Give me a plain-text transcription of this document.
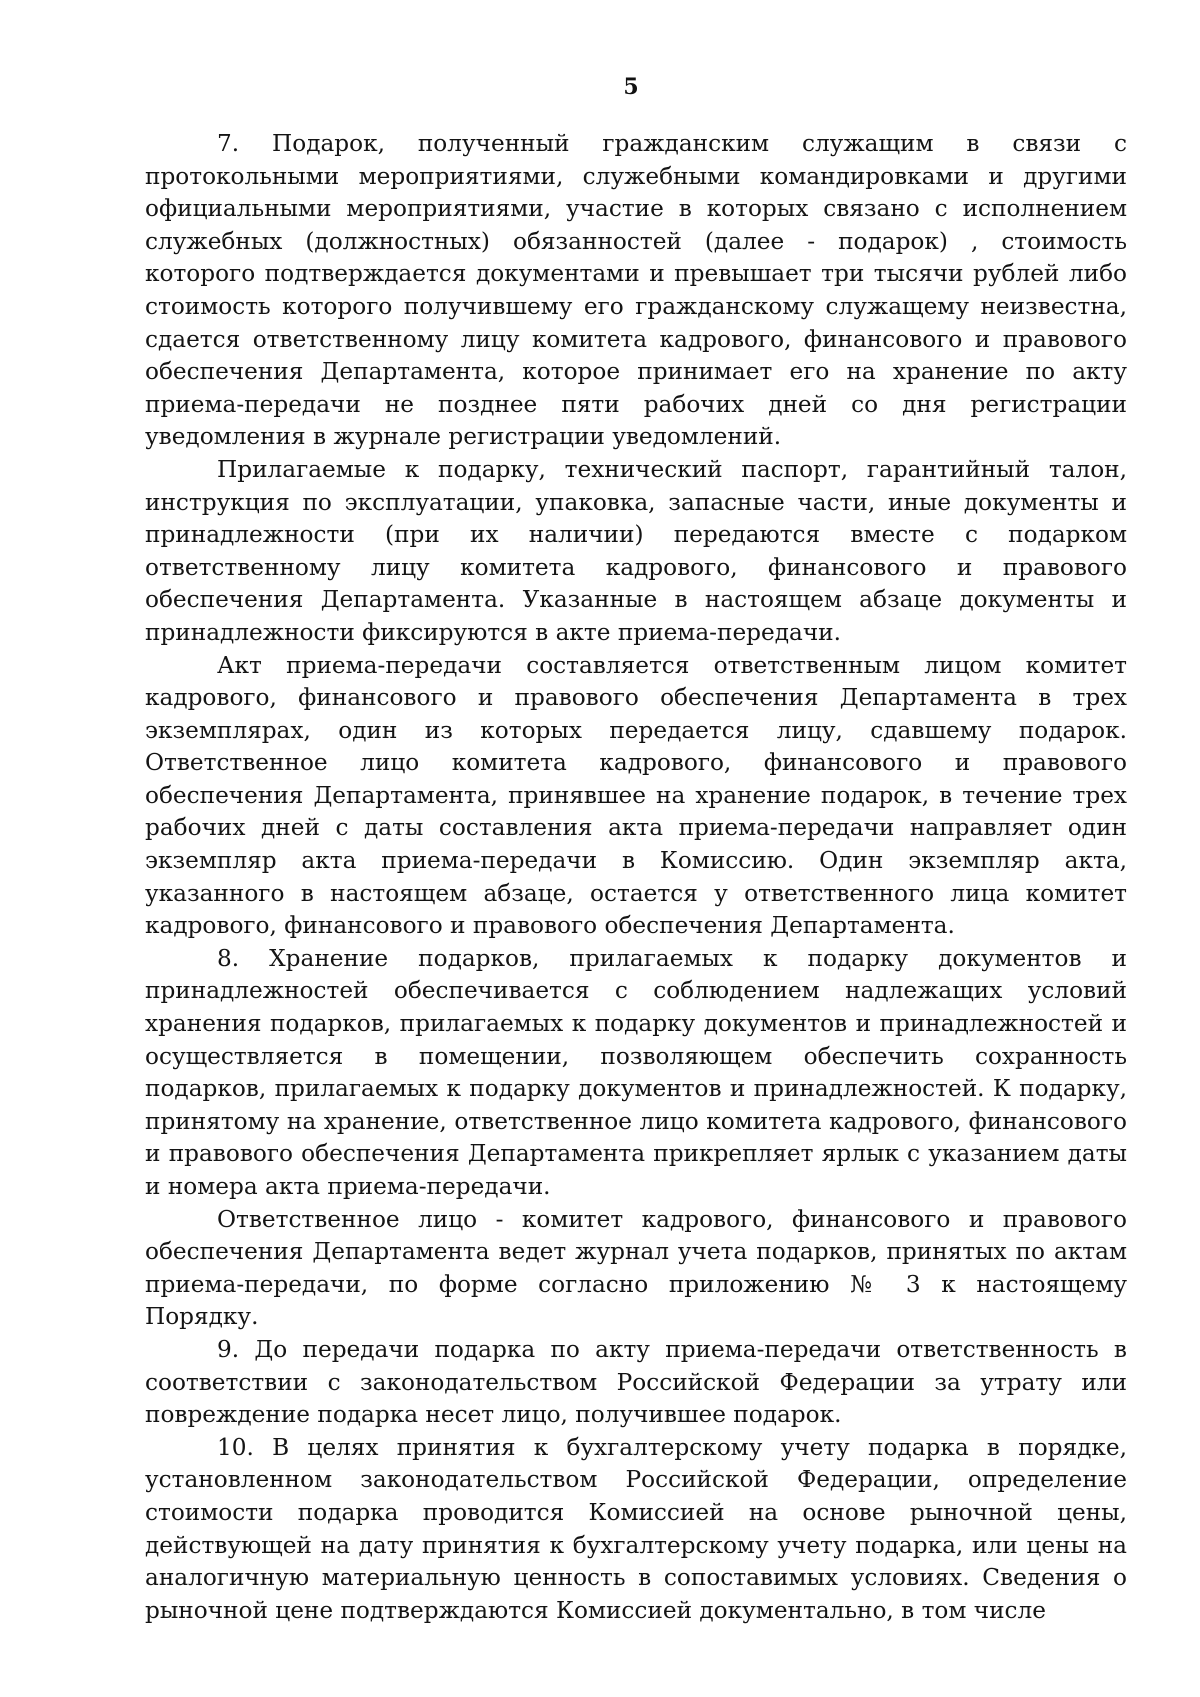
5

7. Подарок, полученный гражданским служащим в связи с протокольными мероприятиями, служебными командировками и другими официальными мероприятиями, участие в которых связано с исполнением служебных (должностных) обязанностей (далее - подарок) , стоимость которого подтверждается документами и превышает три тысячи рублей либо стоимость которого получившему его гражданскому служащему неизвестна, сдается ответственному лицу комитета кадрового, финансового и правового обеспечения Департамента, которое принимает его на хранение по акту приема-передачи не позднее пяти рабочих дней со дня регистрации уведомления в журнале регистрации уведомлений.

Прилагаемые к подарку, технический паспорт, гарантийный талон, инструкция по эксплуатации, упаковка, запасные части, иные документы и принадлежности (при их наличии) передаются вместе с подарком ответственному лицу комитета кадрового, финансового и правового обеспечения Департамента. Указанные в настоящем абзаце документы и принадлежности фиксируются в акте приема-передачи.

Акт приема-передачи составляется ответственным лицом комитет кадрового, финансового и правового обеспечения Департамента в трех экземплярах, один из которых передается лицу, сдавшему подарок. Ответственное лицо комитета кадрового, финансового и правового обеспечения Департамента, принявшее на хранение подарок, в течение трех рабочих дней с даты составления акта приема-передачи направляет один экземпляр акта приема-передачи в Комиссию. Один экземпляр акта, указанного в настоящем абзаце, остается у ответственного лица комитет кадрового, финансового и правового обеспечения Департамента.

8. Хранение подарков, прилагаемых к подарку документов и принадлежностей обеспечивается с соблюдением надлежащих условий хранения подарков, прилагаемых к подарку документов и принадлежностей и осуществляется в помещении, позволяющем обеспечить сохранность подарков, прилагаемых к подарку документов и принадлежностей. К подарку, принятому на хранение, ответственное лицо комитета кадрового, финансового и правового обеспечения Департамента прикрепляет ярлык с указанием даты и номера акта приема-передачи.

Ответственное лицо - комитет кадрового, финансового и правового обеспечения Департамента ведет журнал учета подарков, принятых по актам приема-передачи, по форме согласно приложению № 3 к настоящему Порядку.

9. До передачи подарка по акту приема-передачи ответственность в соответствии с законодательством Российской Федерации за утрату или повреждение подарка несет лицо, получившее подарок.

10. В целях принятия к бухгалтерскому учету подарка в порядке, установленном законодательством Российской Федерации, определение стоимости подарка проводится Комиссией на основе рыночной цены, действующей на дату принятия к бухгалтерскому учету подарка, или цены на аналогичную материальную ценность в сопоставимых условиях. Сведения о рыночной цене подтверждаются Комиссией документально, в том числе
